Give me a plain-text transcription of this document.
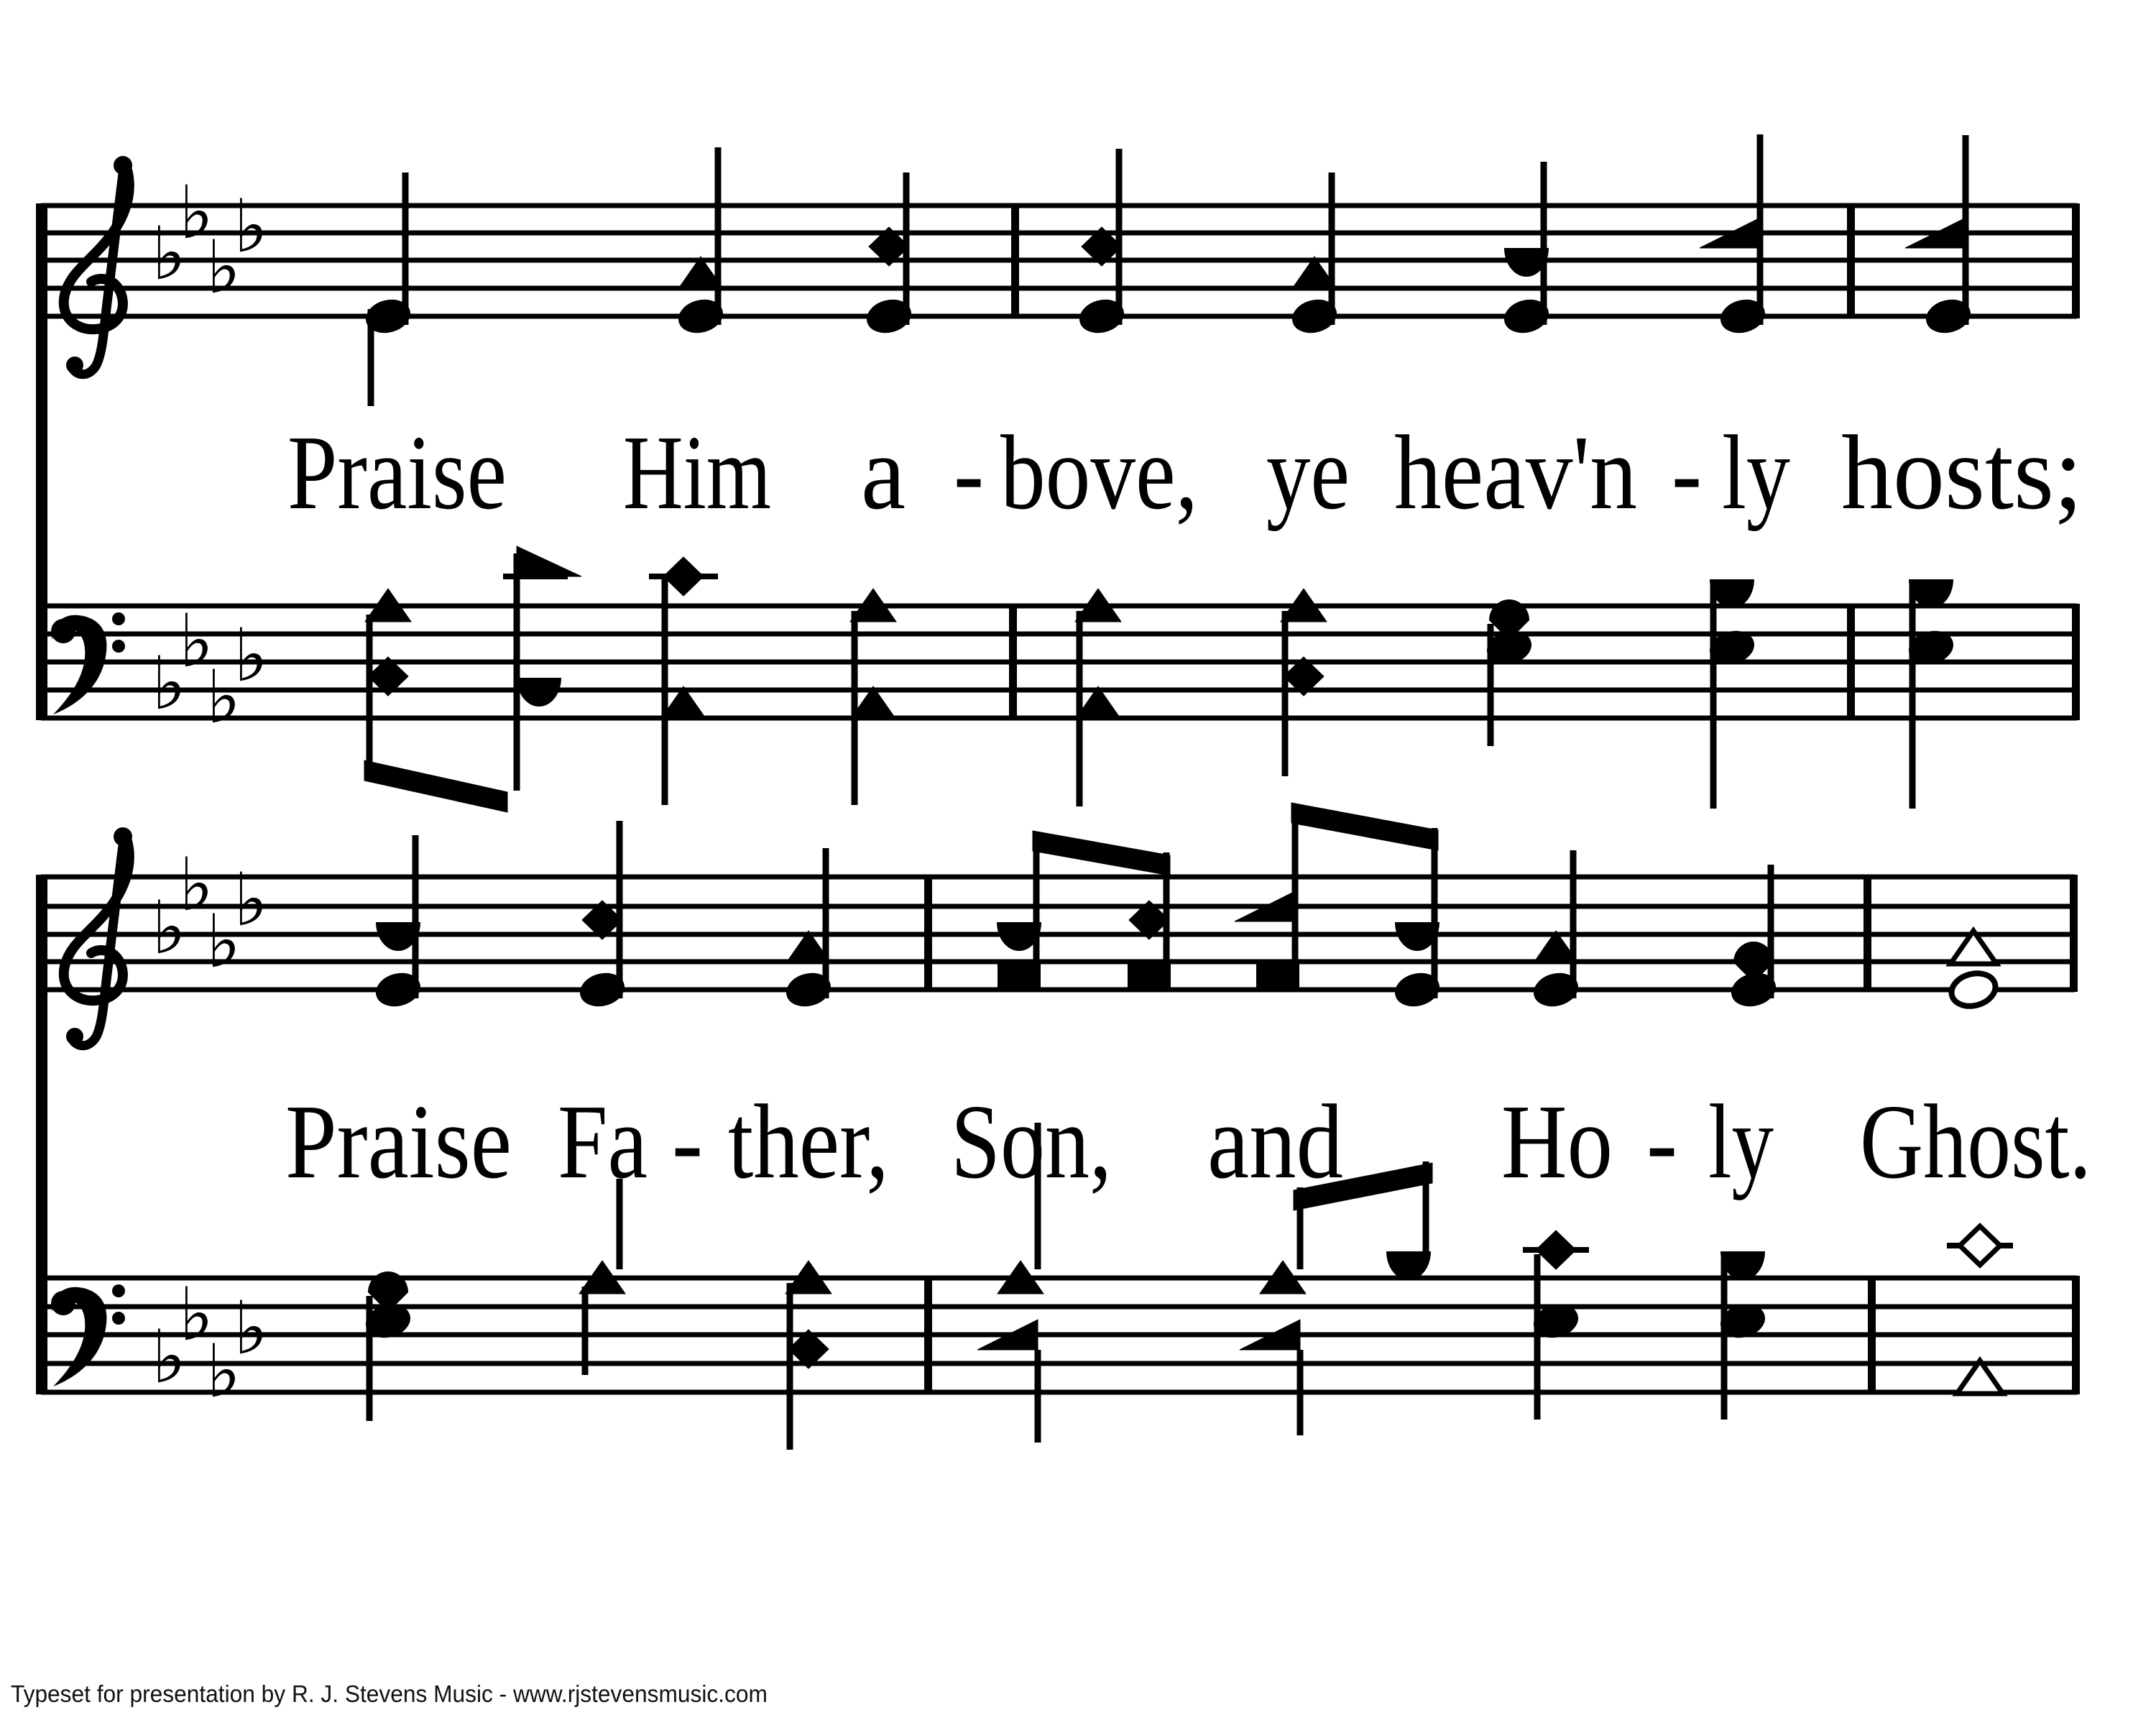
♭
♭
♭
♭
♭
♭
♭
♭
Praise Him a - bove, ye heav'n - ly hosts;
♭
♭
♭
♭
♭
♭
♭
♭
Praise Fa - ther, Son, and Ho - ly Ghost.
Typeset for presentation by R. J. Stevens Music - www.rjstevensmusic.com
